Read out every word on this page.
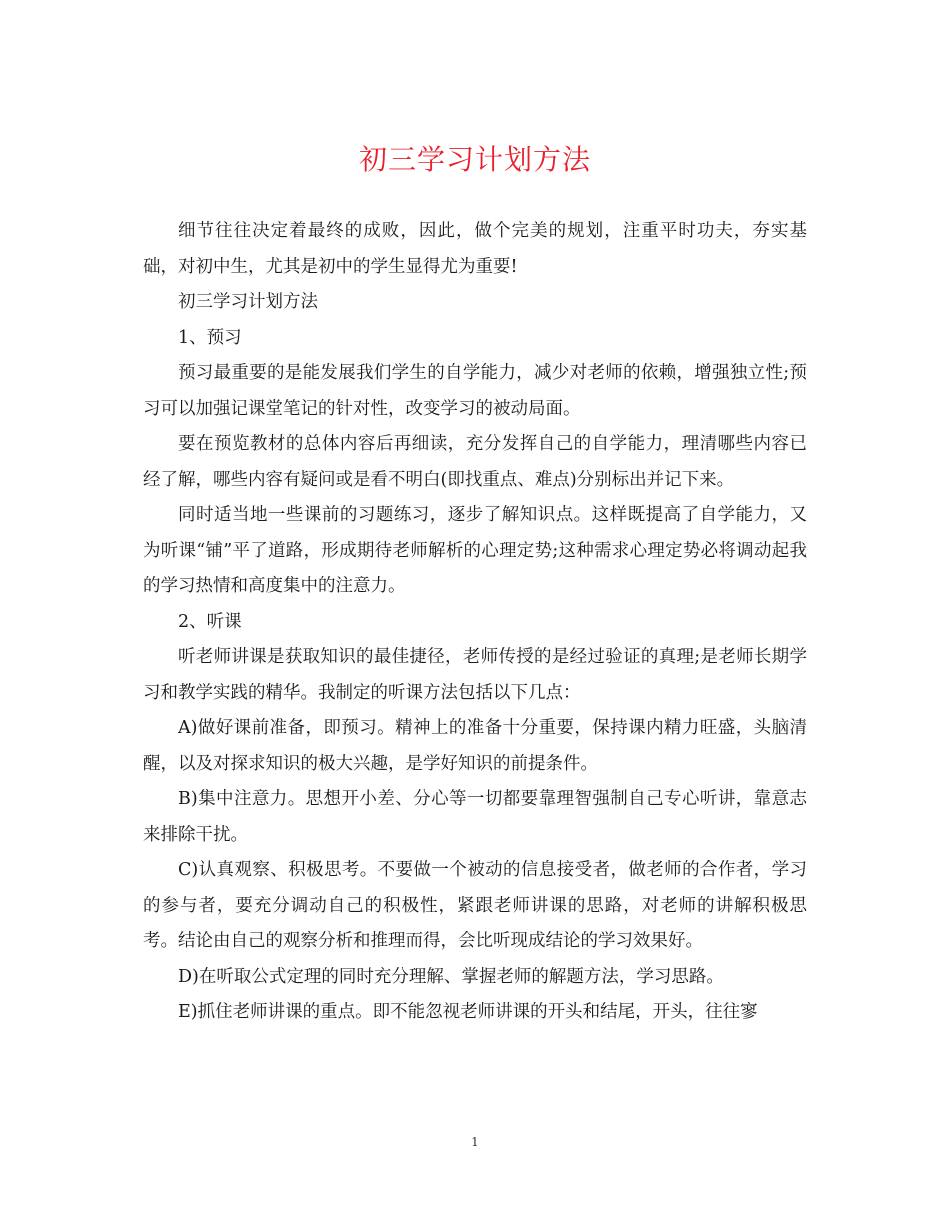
初三学习计划方法

细节往往决定着最终的成败，因此，做个完美的规划，注重平时功夫，夯实基础，对初中生，尤其是初中的学生显得尤为重要!

初三学习计划方法

1、预习

预习最重要的是能发展我们学生的自学能力，减少对老师的依赖，增强独立性;预习可以加强记课堂笔记的针对性，改变学习的被动局面。

要在预览教材的总体内容后再细读，充分发挥自己的自学能力，理清哪些内容已经了解，哪些内容有疑问或是看不明白(即找重点、难点)分别标出并记下来。

同时适当地一些课前的习题练习，逐步了解知识点。这样既提高了自学能力，又为听课“铺”平了道路，形成期待老师解析的心理定势;这种需求心理定势必将调动起我的学习热情和高度集中的注意力。

2、听课

听老师讲课是获取知识的最佳捷径，老师传授的是经过验证的真理;是老师长期学习和教学实践的精华。我制定的听课方法包括以下几点：

A)做好课前准备，即预习。精神上的准备十分重要，保持课内精力旺盛，头脑清醒，以及对探求知识的极大兴趣，是学好知识的前提条件。

B)集中注意力。思想开小差、分心等一切都要靠理智强制自己专心听讲，靠意志来排除干扰。

C)认真观察、积极思考。不要做一个被动的信息接受者，做老师的合作者，学习的参与者，要充分调动自己的积极性，紧跟老师讲课的思路，对老师的讲解积极思考。结论由自己的观察分析和推理而得，会比听现成结论的学习效果好。

D)在听取公式定理的同时充分理解、掌握老师的解题方法，学习思路。

E)抓住老师讲课的重点。即不能忽视老师讲课的开头和结尾，开头，往往寥

1
